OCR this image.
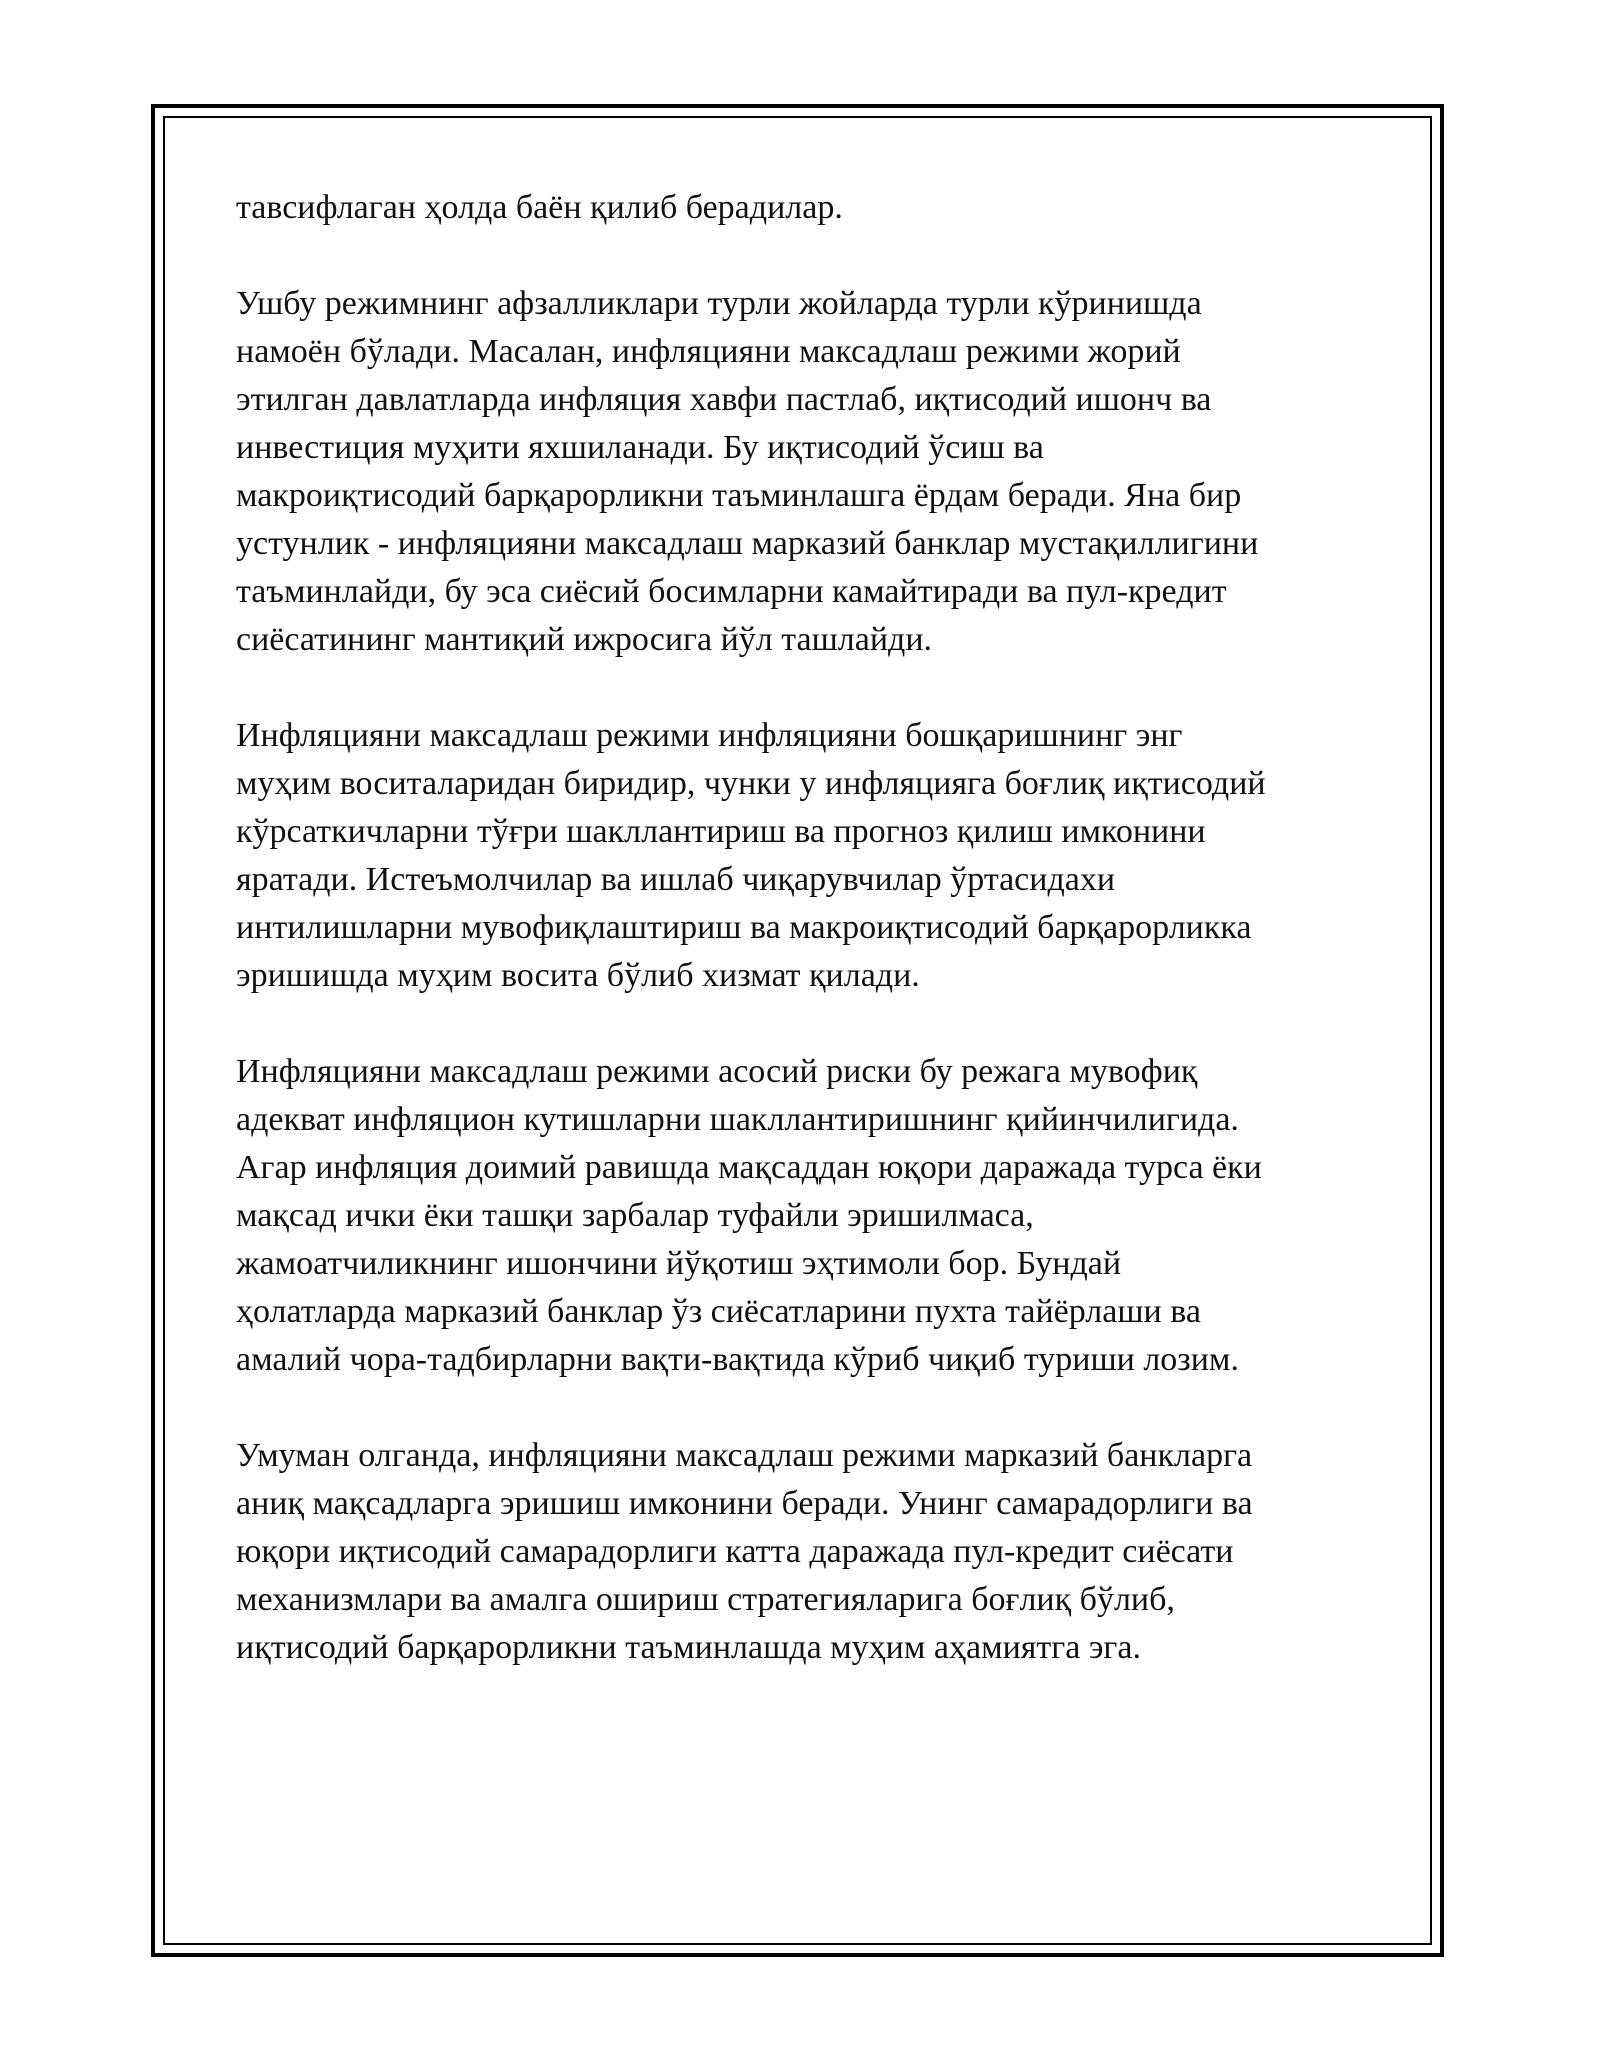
тавсифлаган ҳолда баён қилиб берадилар.

Ушбу режимнинг афзалликлари турли жойларда турли кўринишда
намоён бўлади. Масалан, инфляцияни максадлаш режими жорий
этилган давлатларда инфляция хавфи пастлаб, иқтисодий ишонч ва
инвестиция муҳити яхшиланади. Бу иқтисодий ўсиш ва
макроиқтисодий барқарорликни таъминлашга ёрдам беради. Яна бир
устунлик - инфляцияни максадлаш марказий банклар мустақиллигини
таъминлайди, бу эса сиёсий босимларни камайтиради ва пул-кредит
сиёсатининг мантиқий ижросига йўл ташлайди.

Инфляцияни максадлаш режими инфляцияни бошқаришнинг энг
муҳим воситаларидан биридир, чунки у инфляцияга боғлиқ иқтисодий
кўрсаткичларни тўғри шакллантириш ва прогноз қилиш имконини
яратади. Истеъмолчилар ва ишлаб чиқарувчилар ўртасидахи
интилишларни мувофиқлаштириш ва макроиқтисодий барқарорликка
эришишда муҳим восита бўлиб хизмат қилади.

Инфляцияни максадлаш режими асосий риски бу режага мувофиқ
адекват инфляцион кутишларни шакллантиришнинг қийинчилигида.
Агар инфляция доимий равишда мақсаддан юқори даражада турса ёки
мақсад ички ёки ташқи зарбалар туфайли эришилмаса,
жамоатчиликнинг ишончини йўқотиш эҳтимоли бор. Бундай
ҳолатларда марказий банклар ўз сиёсатларини пухта тайёрлаши ва
амалий чора-тадбирларни вақти-вақтида кўриб чиқиб туриши лозим.

Умуман олганда, инфляцияни максадлаш режими марказий банкларга
аниқ мақсадларга эришиш имконини беради. Унинг самарадорлиги ва
юқори иқтисодий самарадорлиги катта даражада пул-кредит сиёсати
механизмлари ва амалга ошириш стратегияларига боғлиқ бўлиб,
иқтисодий барқарорликни таъминлашда муҳим аҳамиятга эга.
